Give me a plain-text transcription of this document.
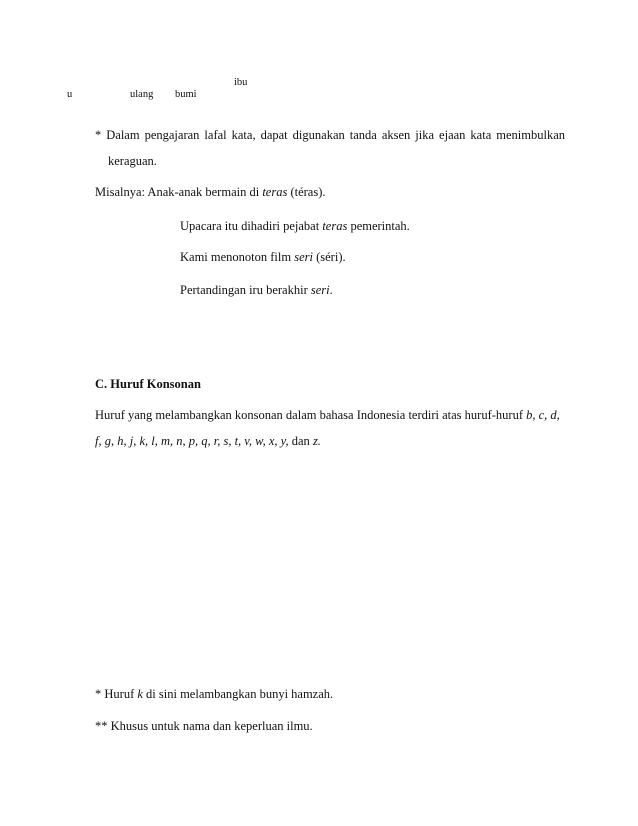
ibu
u	ulang bumi
* Dalam pengajaran lafal kata, dapat digunakan tanda aksen jika ejaan kata menimbulkan
keraguan.
Misalnya: Anak-anak bermain di teras (téras).
Upacara itu dihadiri pejabat teras pemerintah.
Kami menonoton film seri (séri).
Pertandingan iru berakhir seri.
C. Huruf Konsonan
Huruf yang melambangkan konsonan dalam bahasa Indonesia terdiri atas huruf-huruf b, c, d,
f, g, h, j, k, l, m, n, p, q, r, s, t, v, w, x, y, dan z.
* Huruf k di sini melambangkan bunyi hamzah.
** Khusus untuk nama dan keperluan ilmu.
